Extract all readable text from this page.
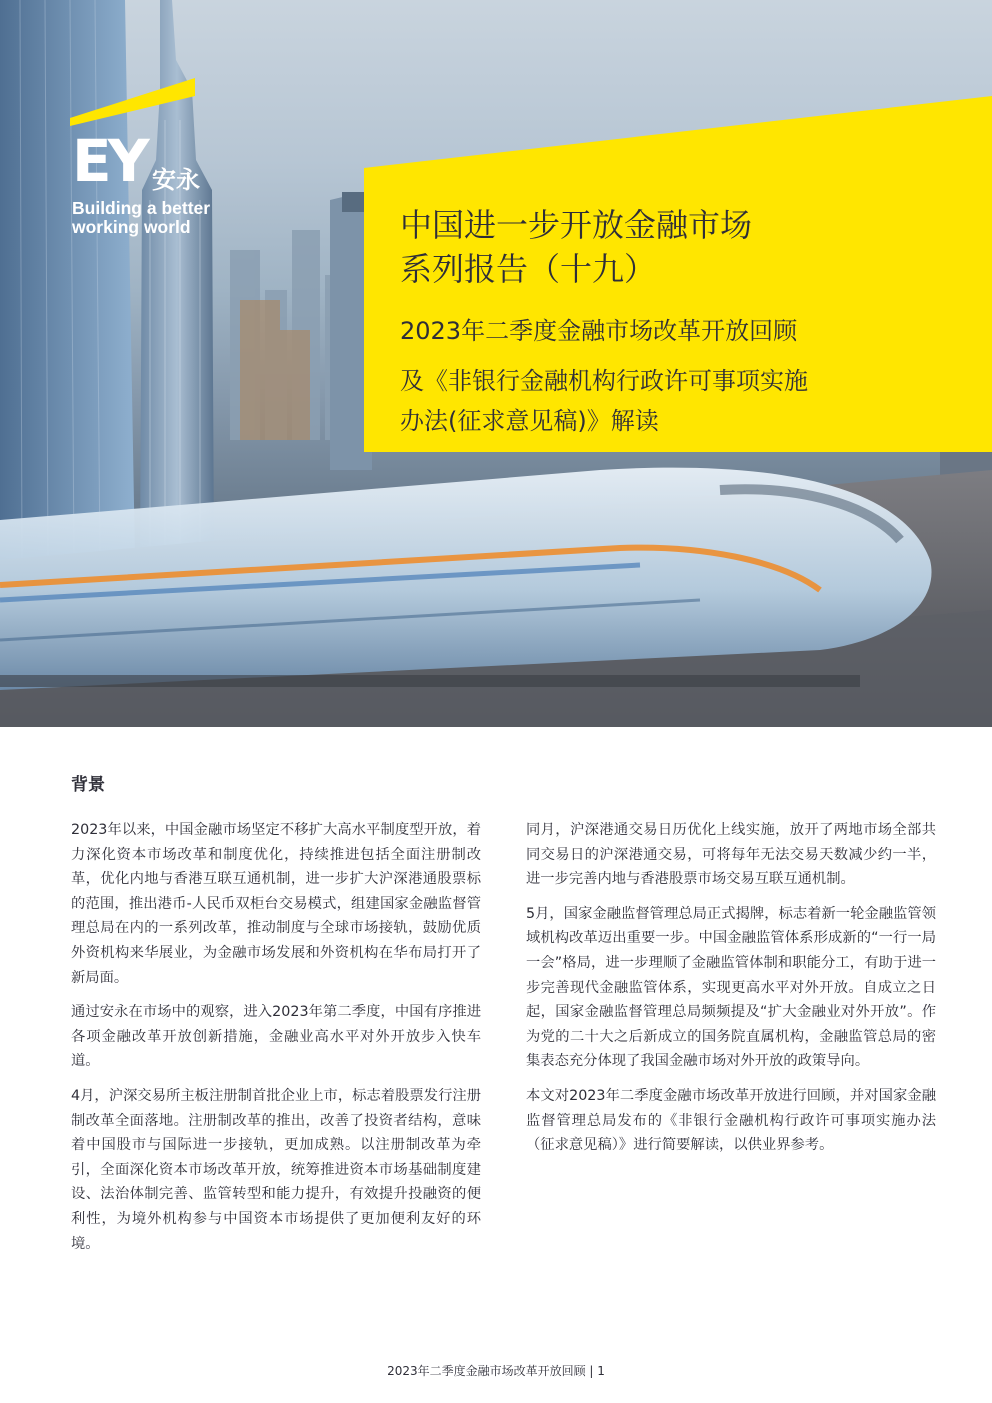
EY 安永
Building a better
working world	中国进一步开放金融市场
系列报告（十九）
2023年二季度金融市场改革开放回顾
及《非银行金融机构行政许可事项实施
办法(征求意见稿)》解读
背景

2023年以来，中国金融市场坚定不移扩大高水平制度型开放，着力深化资本市场改革和制度优化，持续推进包括全面注册制改革，优化内地与香港互联互通机制，进一步扩大沪深港通股票标的范围，推出港币-人民币双柜台交易模式，组建国家金融监督管理总局在内的一系列改革，推动制度与全球市场接轨，鼓励优质外资机构来华展业，为金融市场发展和外资机构在华布局打开了新局面。

通过安永在市场中的观察，进入2023年第二季度，中国有序推进各项金融改革开放创新措施，金融业高水平对外开放步入快车道。

4月，沪深交易所主板注册制首批企业上市，标志着股票发行注册制改革全面落地。注册制改革的推出，改善了投资者结构，意味着中国股市与国际进一步接轨，更加成熟。以注册制改革为牵引，全面深化资本市场改革开放，统筹推进资本市场基础制度建设、法治体制完善、监管转型和能力提升，有效提升投融资的便利性，为境外机构参与中国资本市场提供了更加便利友好的环境。

同月，沪深港通交易日历优化上线实施，放开了两地市场全部共同交易日的沪深港通交易，可将每年无法交易天数减少约一半，进一步完善内地与香港股票市场交易互联互通机制。

5月，国家金融监督管理总局正式揭牌，标志着新一轮金融监管领域机构改革迈出重要一步。中国金融监管体系形成新的“一行一局一会”格局，进一步理顺了金融监管体制和职能分工，有助于进一步完善现代金融监管体系，实现更高水平对外开放。自成立之日起，国家金融监督管理总局频频提及“扩大金融业对外开放”。作为党的二十大之后新成立的国务院直属机构，金融监管总局的密集表态充分体现了我国金融市场对外开放的政策导向。

本文对2023年二季度金融市场改革开放进行回顾，并对国家金融监督管理总局发布的《非银行金融机构行政许可事项实施办法（征求意见稿）》进行简要解读，以供业界参考。

2023年二季度金融市场改革开放回顾 | 1
